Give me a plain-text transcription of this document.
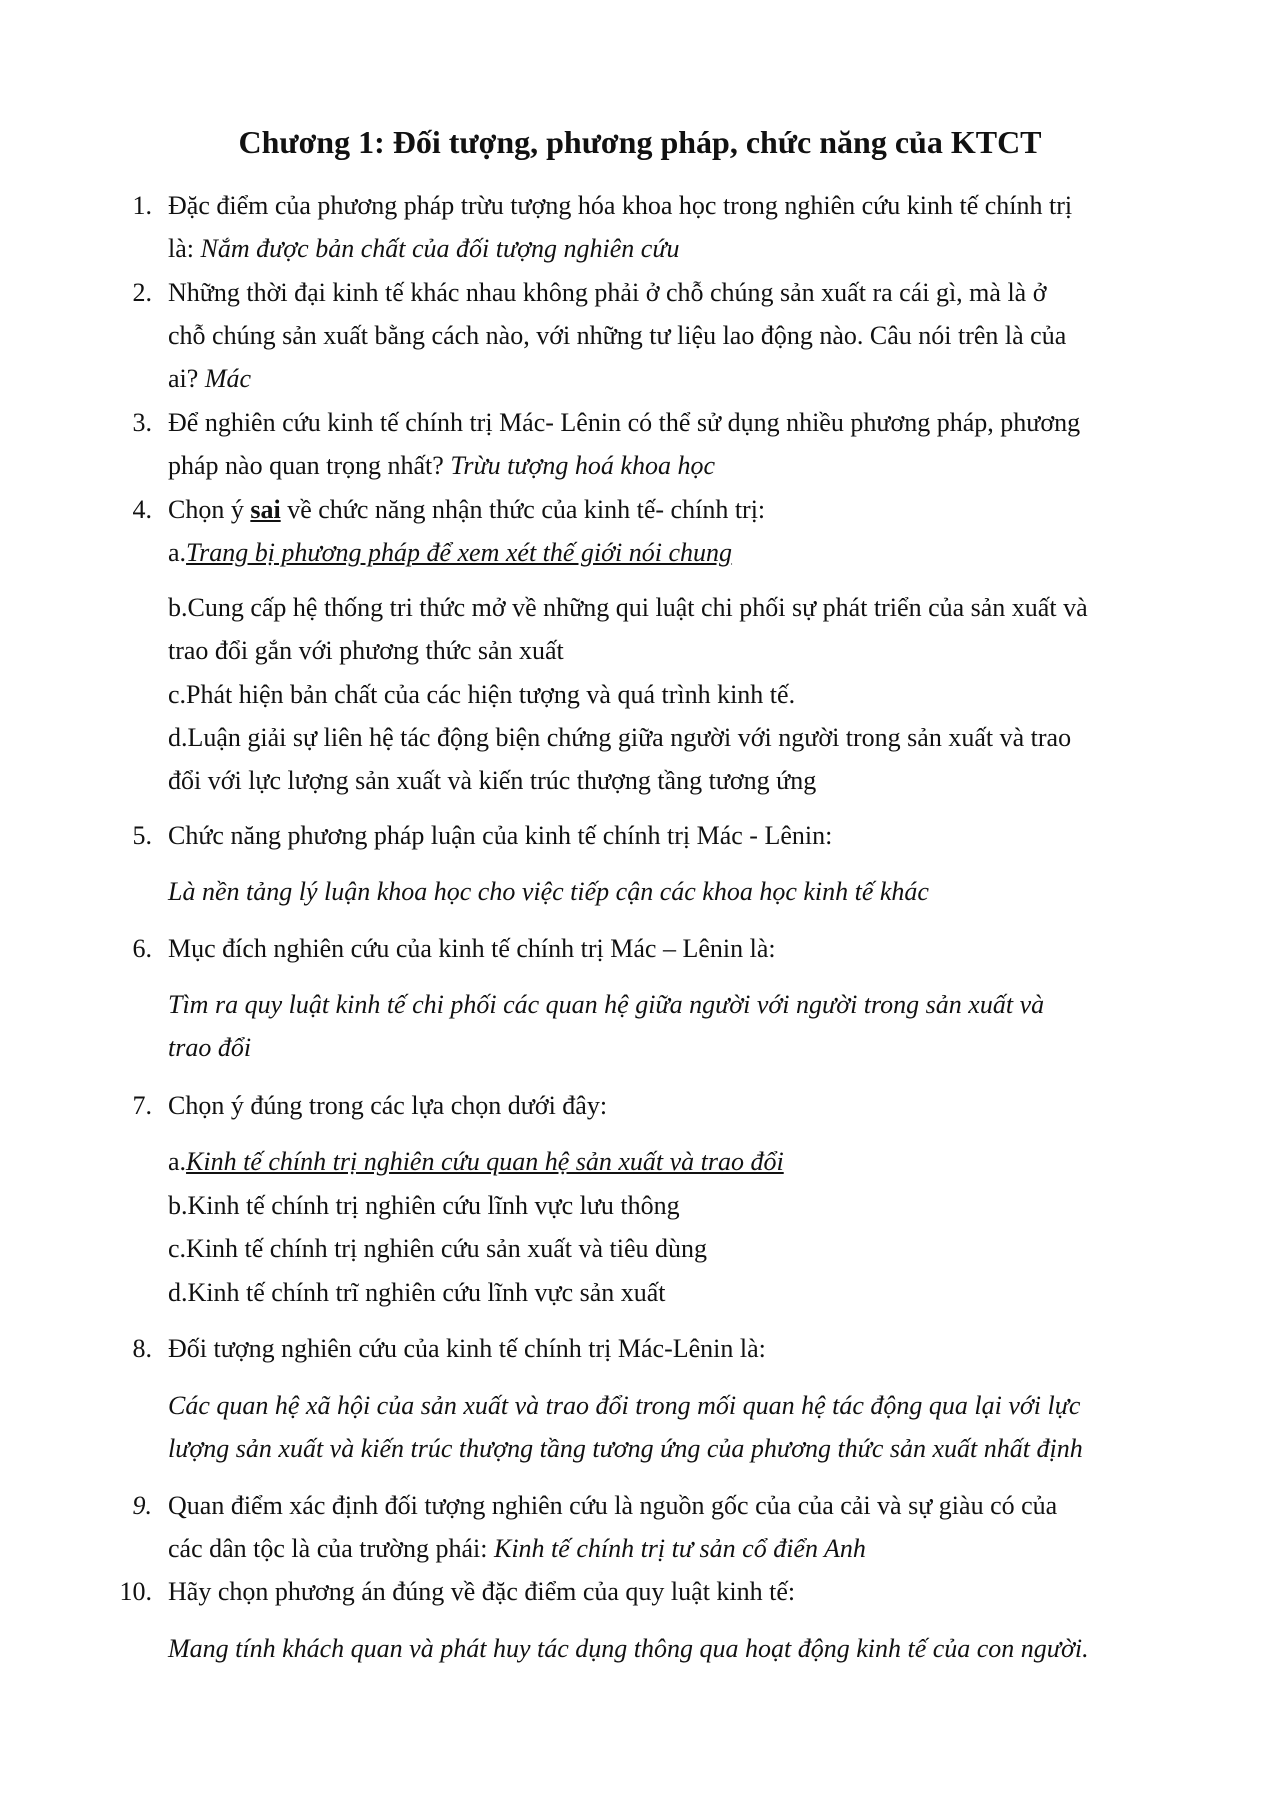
Chương 1: Đối tượng, phương pháp, chức năng của KTCT
1. Đặc điểm của phương pháp trừu tượng hóa khoa học trong nghiên cứu kinh tế chính trị
là: Nắm được bản chất của đối tượng nghiên cứu
2. Những thời đại kinh tế khác nhau không phải ở chỗ chúng sản xuất ra cái gì, mà là ở
chỗ chúng sản xuất bằng cách nào, với những tư liệu lao động nào. Câu nói trên là của
ai? Mác
3. Để nghiên cứu kinh tế chính trị Mác- Lênin có thể sử dụng nhiều phương pháp, phương
pháp nào quan trọng nhất? Trừu tượng hoá khoa học
4. Chọn ý sai về chức năng nhận thức của kinh tế- chính trị:
a.Trang bị phương pháp để xem xét thế giới nói chung
b.Cung cấp hệ thống tri thức mở về những qui luật chi phối sự phát triển của sản xuất và
trao đổi gắn với phương thức sản xuất
c.Phát hiện bản chất của các hiện tượng và quá trình kinh tế.
d.Luận giải sự liên hệ tác động biện chứng giữa người với người trong sản xuất và trao
đổi với lực lượng sản xuất và kiến trúc thượng tầng tương ứng
5. Chức năng phương pháp luận của kinh tế chính trị Mác - Lênin:
Là nền tảng lý luận khoa học cho việc tiếp cận các khoa học kinh tế khác
6. Mục đích nghiên cứu của kinh tế chính trị Mác – Lênin là:
Tìm ra quy luật kinh tế chi phối các quan hệ giữa người với người trong sản xuất và
trao đổi
7. Chọn ý đúng trong các lựa chọn dưới đây:
a.Kinh tế chính trị nghiên cứu quan hệ sản xuất và trao đổi
b.Kinh tế chính trị nghiên cứu lĩnh vực lưu thông
c.Kinh tế chính trị nghiên cứu sản xuất và tiêu dùng
d.Kinh tế chính trĩ nghiên cứu lĩnh vực sản xuất
8. Đối tượng nghiên cứu của kinh tế chính trị Mác-Lênin là:
Các quan hệ xã hội của sản xuất và trao đổi trong mối quan hệ tác động qua lại với lực
lượng sản xuất và kiến trúc thượng tầng tương ứng của phương thức sản xuất nhất định
9. Quan điểm xác định đối tượng nghiên cứu là nguồn gốc của của cải và sự giàu có của
các dân tộc là của trường phái: Kinh tế chính trị tư sản cổ điển Anh
10. Hãy chọn phương án đúng về đặc điểm của quy luật kinh tế:
Mang tính khách quan và phát huy tác dụng thông qua hoạt động kinh tế của con người.
